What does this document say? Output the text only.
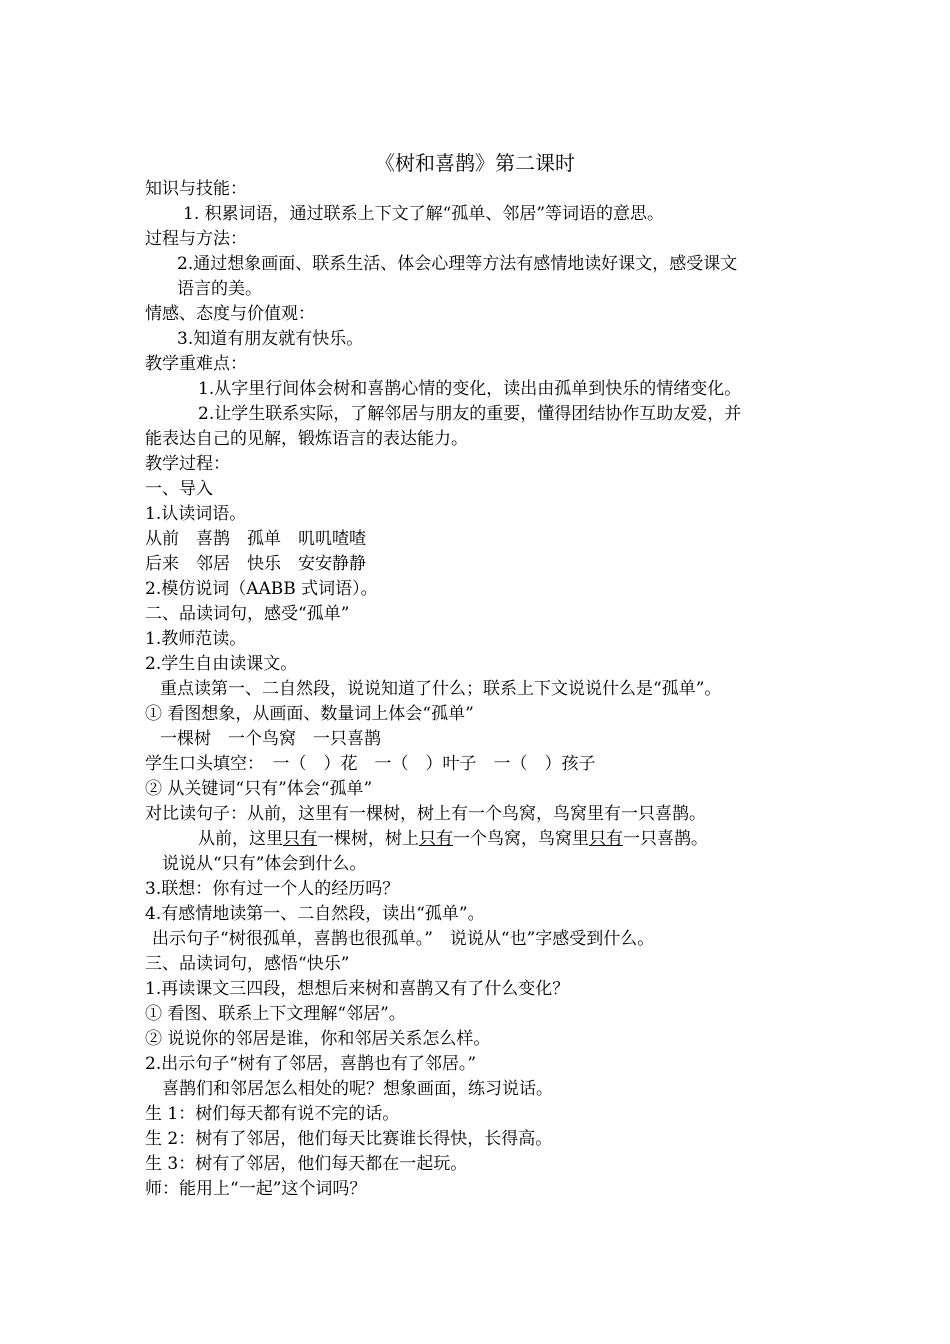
《树和喜鹊》第二课时
知识与技能：
1. 积累词语，通过联系上下文了解“孤单、邻居”等词语的意思。
过程与方法：
2.通过想象画面、联系生活、体会心理等方法有感情地读好课文，感受课文
语言的美。
情感、态度与价值观：
3.知道有朋友就有快乐。
教学重难点：
1.从字里行间体会树和喜鹊心情的变化，读出由孤单到快乐的情绪变化。
2.让学生联系实际，了解邻居与朋友的重要，懂得团结协作互助友爱，并
能表达自己的见解，锻炼语言的表达能力。
教学过程：
一、导入
1.认读词语。
从前　喜鹊　孤单　叽叽喳喳
后来　邻居　快乐　安安静静
2.模仿说词（AABB 式词语）。
二、品读词句，感受“孤单”
1.教师范读。
2.学生自由读课文。
重点读第一、二自然段，说说知道了什么；联系上下文说说什么是“孤单”。
① 看图想象，从画面、数量词上体会“孤单”
一棵树　一个鸟窝　一只喜鹊
学生口头填空：　一（　）花　一（　）叶子　一（　）孩子
② 从关键词“只有”体会“孤单”
对比读句子：从前，这里有一棵树，树上有一个鸟窝，鸟窝里有一只喜鹊。
从前，这里只有一棵树，树上只有一个鸟窝，鸟窝里只有一只喜鹊。
说说从“只有”体会到什么。
3.联想：你有过一个人的经历吗？
4.有感情地读第一、二自然段，读出“孤单”。
出示句子“树很孤单，喜鹊也很孤单。”　说说从“也”字感受到什么。
三、品读词句，感悟“快乐”
1.再读课文三四段，想想后来树和喜鹊又有了什么变化？
① 看图、联系上下文理解“邻居”。
② 说说你的邻居是谁，你和邻居关系怎么样。
2.出示句子“树有了邻居，喜鹊也有了邻居。”
喜鹊们和邻居怎么相处的呢？想象画面，练习说话。
生 1：树们每天都有说不完的话。
生 2：树有了邻居，他们每天比赛谁长得快，长得高。
生 3：树有了邻居，他们每天都在一起玩。
师：能用上“一起”这个词吗？
